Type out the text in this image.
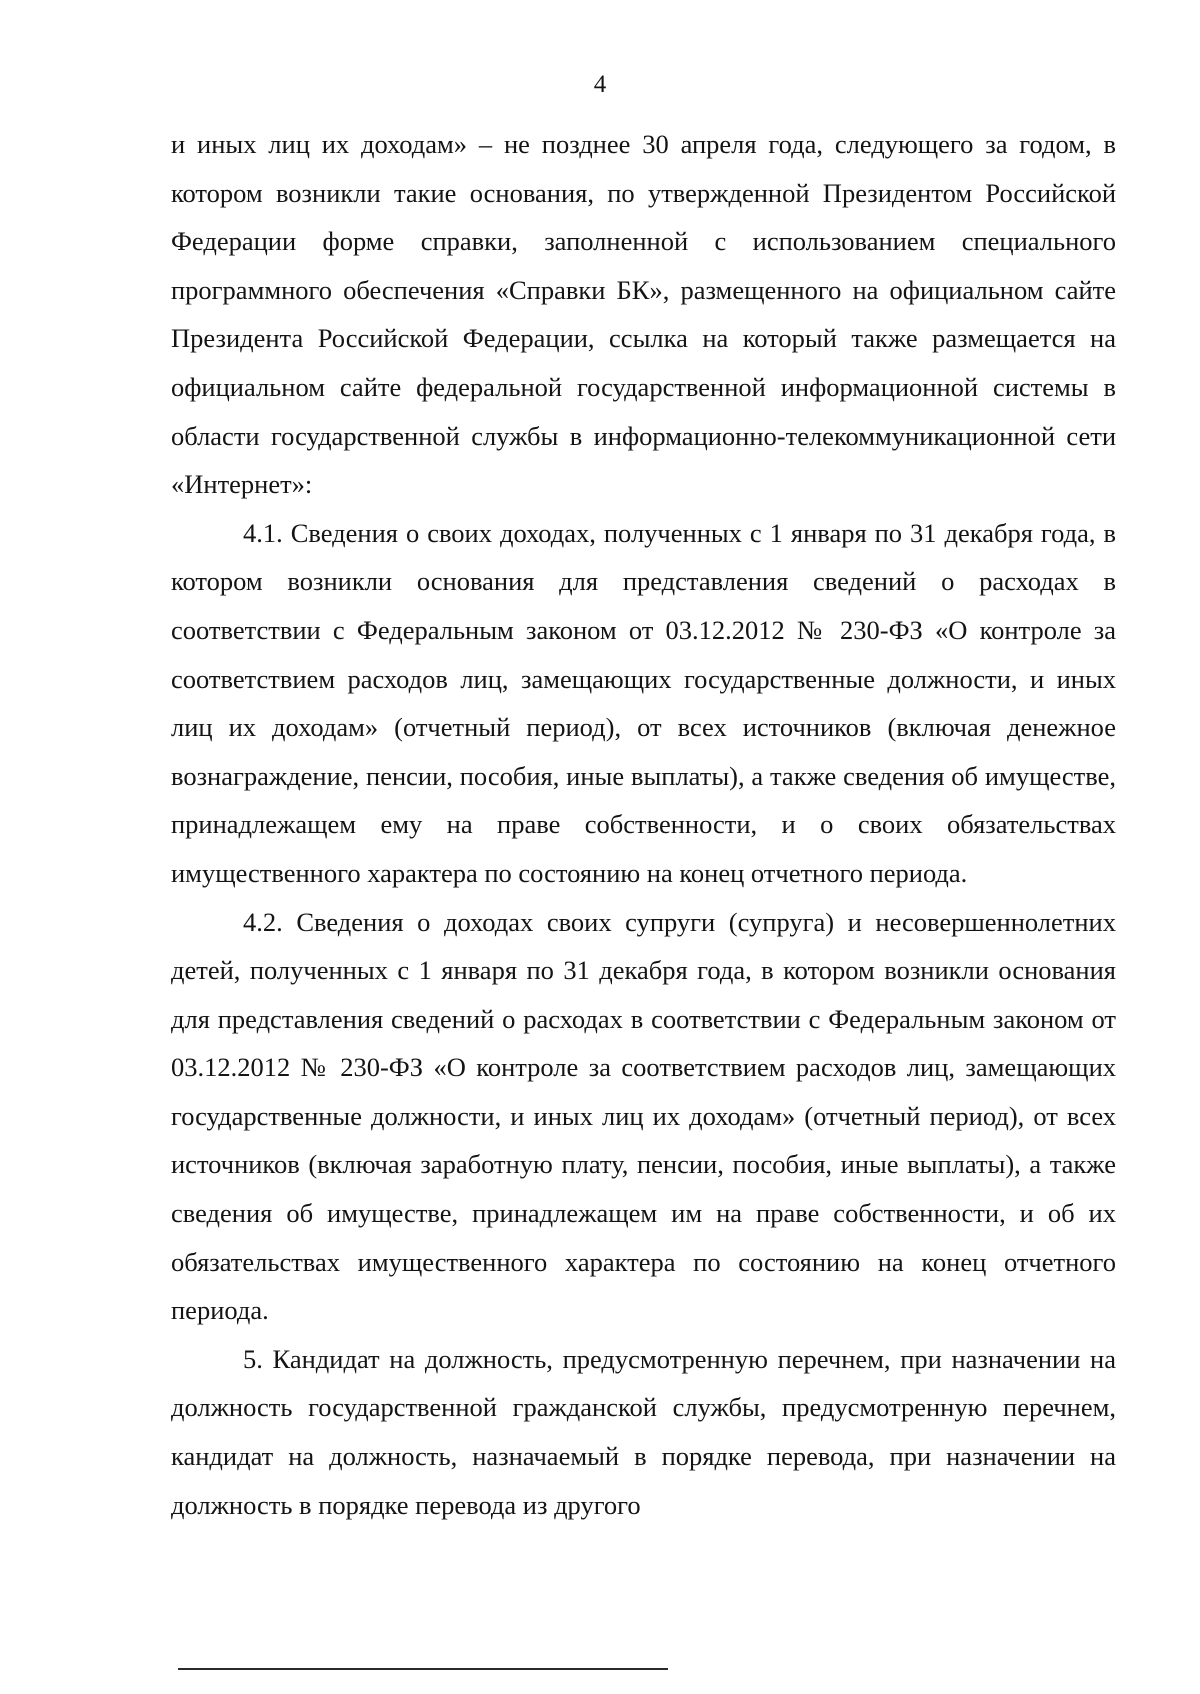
4

и иных лиц их доходам» – не позднее 30 апреля года, следующего за годом, в котором возникли такие основания, по утвержденной Президентом Российской Федерации форме справки, заполненной с использованием специального программного обеспечения «Справки БК», размещенного на официальном сайте Президента Российской Федерации, ссылка на который также размещается на официальном сайте федеральной государственной информационной системы в области государственной службы в информационно-телекоммуникационной сети «Интернет»:

4.1. Сведения о своих доходах, полученных с 1 января по 31 декабря года, в котором возникли основания для представления сведений о расходах в соответствии с Федеральным законом от 03.12.2012 № 230-ФЗ «О контроле за соответствием расходов лиц, замещающих государственные должности, и иных лиц их доходам» (отчетный период), от всех источников (включая денежное вознаграждение, пенсии, пособия, иные выплаты), а также сведения об имуществе, принадлежащем ему на праве собственности, и о своих обязательствах имущественного характера по состоянию на конец отчетного периода.

4.2. Сведения о доходах своих супруги (супруга) и несовершеннолетних детей, полученных с 1 января по 31 декабря года, в котором возникли основания для представления сведений о расходах в соответствии с Федеральным законом от 03.12.2012 № 230-ФЗ «О контроле за соответствием расходов лиц, замещающих государственные должности, и иных лиц их доходам» (отчетный период), от всех источников (включая заработную плату, пенсии, пособия, иные выплаты), а также сведения об имуществе, принадлежащем им на праве собственности, и об их обязательствах имущественного характера по состоянию на конец отчетного периода.

5. Кандидат на должность, предусмотренную перечнем, при назначении на должность государственной гражданской службы, предусмотренную перечнем, кандидат на должность, назначаемый в порядке перевода, при назначении на должность в порядке перевода из другого
